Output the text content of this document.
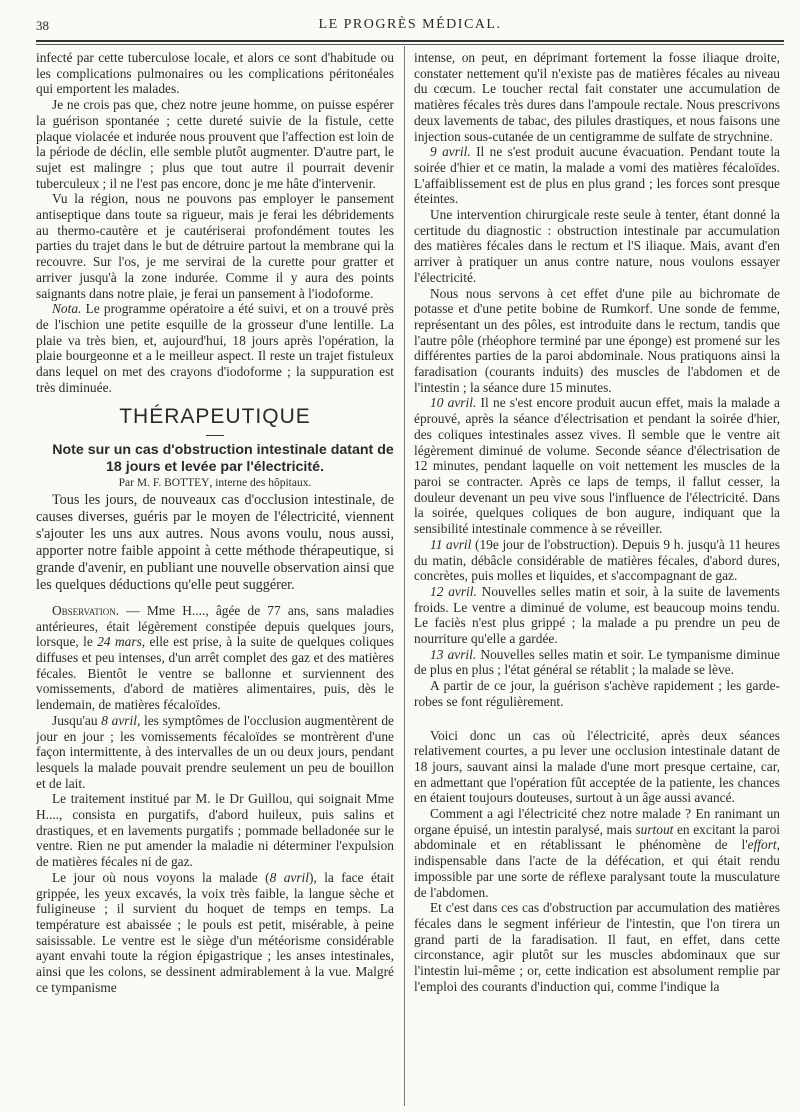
38	LE PROGRÈS MÉDICAL.

infecté par cette tuberculose locale, et alors ce sont d'habitude ou les complications pulmonaires ou les complications péritonéales qui emportent les malades.

Je ne crois pas que, chez notre jeune homme, on puisse espérer la guérison spontanée ; cette dureté suivie de la fistule, cette plaque violacée et indurée nous prouvent que l'affection est loin de la période de déclin, elle semble plutôt augmenter. D'autre part, le sujet est malingre ; plus que tout autre il pourrait devenir tuberculeux ; il ne l'est pas encore, donc je me hâte d'intervenir.

Vu la région, nous ne pouvons pas employer le pansement antiseptique dans toute sa rigueur, mais je ferai les débridements au thermo-cautère et je cautériserai profondément toutes les parties du trajet dans le but de détruire partout la membrane qui la recouvre. Sur l'os, je me servirai de la curette pour gratter et arriver jusqu'à la zone indurée. Comme il y aura des points saignants dans notre plaie, je ferai un pansement à l'iodoforme.

Nota. Le programme opératoire a été suivi, et on a trouvé près de l'ischion une petite esquille de la grosseur d'une lentille. La plaie va très bien, et, aujourd'hui, 18 jours après l'opération, la plaie bourgeonne et a le meilleur aspect. Il reste un trajet fistuleux dans lequel on met des crayons d'iodoforme ; la suppuration est très diminuée.

THÉRAPEUTIQUE

Note sur un cas d'obstruction intestinale datant de 18 jours et levée par l'électricité.

Par M. F. BOTTEY, interne des hôpitaux.

Tous les jours, de nouveaux cas d'occlusion intestinale, de causes diverses, guéris par le moyen de l'électricité, viennent s'ajouter les uns aux autres. Nous avons voulu, nous aussi, apporter notre faible appoint à cette méthode thérapeutique, si grande d'avenir, en publiant une nouvelle observation ainsi que les quelques déductions qu'elle peut suggérer.

Observation. — Mme H...., âgée de 77 ans, sans maladies antérieures, était légèrement constipée depuis quelques jours, lorsque, le 24 mars, elle est prise, à la suite de quelques coliques diffuses et peu intenses, d'un arrêt complet des gaz et des matières fécales. Bientôt le ventre se ballonne et surviennent des vomissements, d'abord de matières alimentaires, puis, dès le lendemain, de matières fécaloïdes.

Jusqu'au 8 avril, les symptômes de l'occlusion augmentèrent de jour en jour ; les vomissements fécaloïdes se montrèrent d'une façon intermittente, à des intervalles de un ou deux jours, pendant lesquels la malade pouvait prendre seulement un peu de bouillon et de lait.

Le traitement institué par M. le Dr Guillou, qui soignait Mme H...., consista en purgatifs, d'abord huileux, puis salins et drastiques, et en lavements purgatifs ; pommade belladonée sur le ventre. Rien ne put amender la maladie ni déterminer l'expulsion de matières fécales ni de gaz.

Le jour où nous voyons la malade (8 avril), la face était grippée, les yeux excavés, la voix très faible, la langue sèche et fuligineuse ; il survient du hoquet de temps en temps. La température est abaissée ; le pouls est petit, misérable, à peine saisissable. Le ventre est le siège d'un météorisme considérable ayant envahi toute la région épigastrique ; les anses intestinales, ainsi que les colons, se dessinent admirablement à la vue. Malgré ce tympanisme

intense, on peut, en déprimant fortement la fosse iliaque droite, constater nettement qu'il n'existe pas de matières fécales au niveau du cœcum. Le toucher rectal fait constater une accumulation de matières fécales très dures dans l'ampoule rectale. Nous prescrivons deux lavements de tabac, des pilules drastiques, et nous faisons une injection sous-cutanée de un centigramme de sulfate de strychnine.

9 avril. Il ne s'est produit aucune évacuation. Pendant toute la soirée d'hier et ce matin, la malade a vomi des matières fécaloïdes. L'affaiblissement est de plus en plus grand ; les forces sont presque éteintes.

Une intervention chirurgicale reste seule à tenter, étant donné la certitude du diagnostic : obstruction intestinale par accumulation des matières fécales dans le rectum et l'S iliaque. Mais, avant d'en arriver à pratiquer un anus contre nature, nous voulons essayer l'électricité.

Nous nous servons à cet effet d'une pile au bichromate de potasse et d'une petite bobine de Rumkorf. Une sonde de femme, représentant un des pôles, est introduite dans le rectum, tandis que l'autre pôle (rhéophore terminé par une éponge) est promené sur les différentes parties de la paroi abdominale. Nous pratiquons ainsi la faradisation (courants induits) des muscles de l'abdomen et de l'intestin ; la séance dure 15 minutes.

10 avril. Il ne s'est encore produit aucun effet, mais la malade a éprouvé, après la séance d'électrisation et pendant la soirée d'hier, des coliques intestinales assez vives. Il semble que le ventre ait légèrement diminué de volume. Seconde séance d'électrisation de 12 minutes, pendant laquelle on voit nettement les muscles de la paroi se contracter. Après ce laps de temps, il fallut cesser, la douleur devenant un peu vive sous l'influence de l'électricité. Dans la soirée, quelques coliques de bon augure, indiquant que la sensibilité intestinale commence à se réveiller.

11 avril (19e jour de l'obstruction). Depuis 9 h. jusqu'à 11 heures du matin, débâcle considérable de matières fécales, d'abord dures, concrètes, puis molles et liquides, et s'accompagnant de gaz.

12 avril. Nouvelles selles matin et soir, à la suite de lavements froids. Le ventre a diminué de volume, est beaucoup moins tendu. Le faciès n'est plus grippé ; la malade a pu prendre un peu de nourriture qu'elle a gardée.

13 avril. Nouvelles selles matin et soir. Le tympanisme diminue de plus en plus ; l'état général se rétablit ; la malade se lève.

A partir de ce jour, la guérison s'achève rapidement ; les garde-robes se font régulièrement.

Voici donc un cas où l'électricité, après deux séances relativement courtes, a pu lever une occlusion intestinale datant de 18 jours, sauvant ainsi la malade d'une mort presque certaine, car, en admettant que l'opération fût acceptée de la patiente, les chances en étaient toujours douteuses, surtout à un âge aussi avancé.

Comment a agi l'électricité chez notre malade ? En ranimant un organe épuisé, un intestin paralysé, mais surtout en excitant la paroi abdominale et en rétablissant le phénomène de l'effort, indispensable dans l'acte de la défécation, et qui était rendu impossible par une sorte de réflexe paralysant toute la musculature de l'abdomen.

Et c'est dans ces cas d'obstruction par accumulation des matières fécales dans le segment inférieur de l'intestin, que l'on tirera un grand parti de la faradisation. Il faut, en effet, dans cette circonstance, agir plutôt sur les muscles abdominaux que sur l'intestin lui-même ; or, cette indication est absolument remplie par l'emploi des courants d'induction qui, comme l'indique la
